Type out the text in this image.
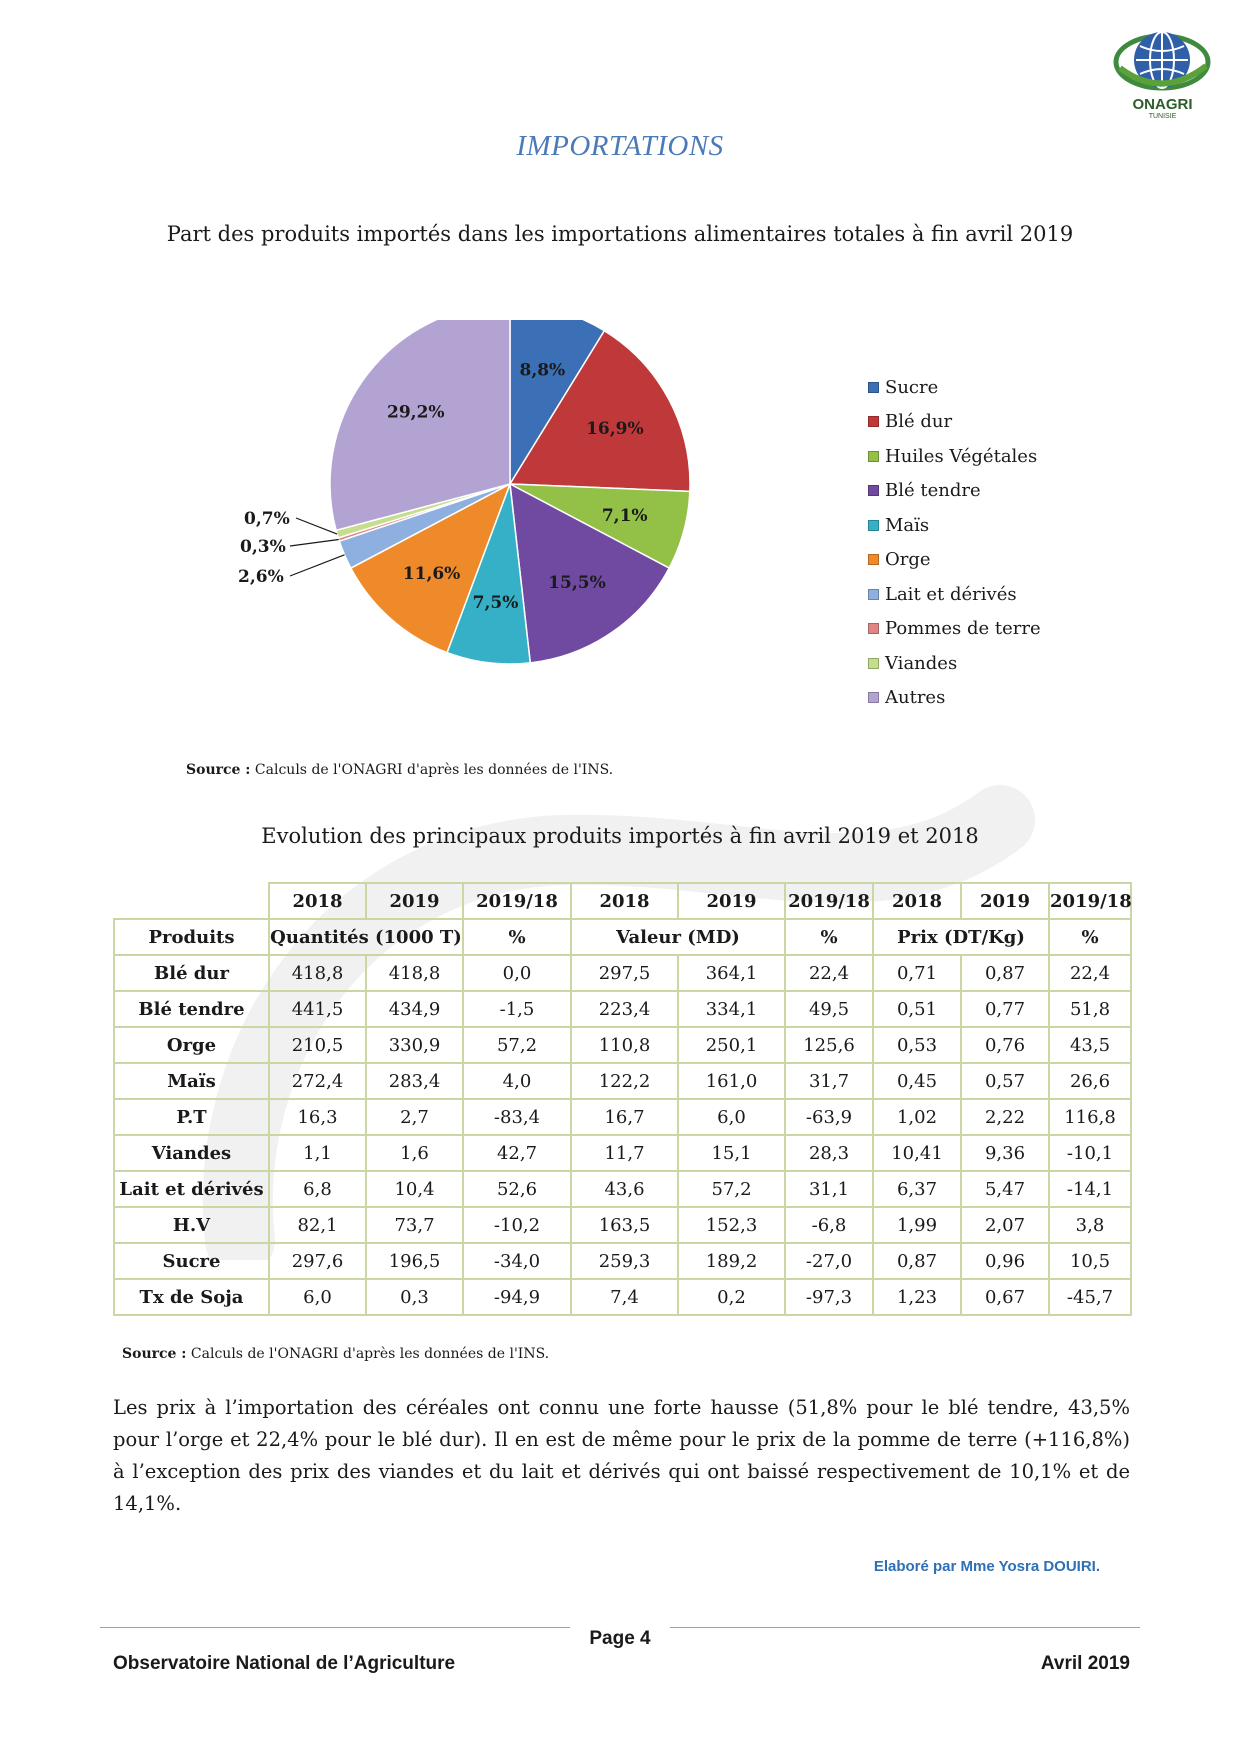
ONAGRI
TUNISIE
IMPORTATIONS
Part des produits importés dans les importations alimentaires totales à fin avril 2019
8,8%
16,9%
7,1%
15,5%
7,5%
11,6%
2,6%
0,3%
0,7%
29,2%
Sucre
Blé dur
Huiles Végétales
Blé tendre
Maïs
Orge
Lait et dérivés
Pommes de terre
Viandes
Autres
Source : Calculs de l'ONAGRI d'après les données de l'INS.
Evolution des principaux produits importés à fin avril 2019 et 2018
	2018	2019	2019/18	2018	2019	2019/18	2018	2019	2019/18
Produits	Quantités (1000 T)		%	Valeur (MD)		%	Prix (DT/Kg)		%
Blé dur	418,8	418,8	0,0	297,5	364,1	22,4	0,71	0,87	22,4
Blé tendre	441,5	434,9	-1,5	223,4	334,1	49,5	0,51	0,77	51,8
Orge	210,5	330,9	57,2	110,8	250,1	125,6	0,53	0,76	43,5
Maïs	272,4	283,4	4,0	122,2	161,0	31,7	0,45	0,57	26,6
P.T	16,3	2,7	-83,4	16,7	6,0	-63,9	1,02	2,22	116,8
Viandes	1,1	1,6	42,7	11,7	15,1	28,3	10,41	9,36	-10,1
Lait et dérivés	6,8	10,4	52,6	43,6	57,2	31,1	6,37	5,47	-14,1
H.V	82,1	73,7	-10,2	163,5	152,3	-6,8	1,99	2,07	3,8
Sucre	297,6	196,5	-34,0	259,3	189,2	-27,0	0,87	0,96	10,5
Tx de Soja	6,0	0,3	-94,9	7,4	0,2	-97,3	1,23	0,67	-45,7
Source : Calculs de l'ONAGRI d'après les données de l'INS.
Les prix à l’importation des céréales ont connu une forte hausse (51,8% pour le blé tendre, 43,5% pour l’orge et 22,4% pour le blé dur). Il en est de même pour le prix de la pomme de terre (+116,8%) à l’exception des prix des viandes et du lait et dérivés qui ont baissé respectivement de 10,1% et de 14,1%.
Elaboré par Mme Yosra DOUIRI.
Page 4
Observatoire National de l’Agriculture	Avril 2019
